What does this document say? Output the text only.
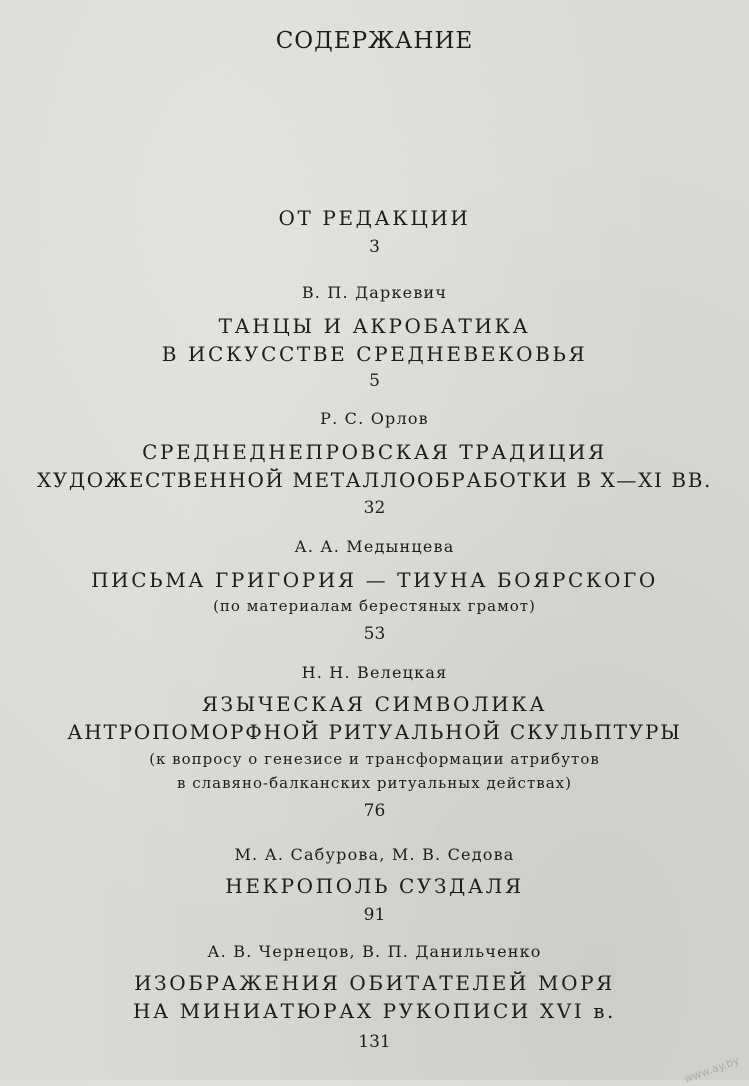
СОДЕРЖАНИЕ
ОТ РЕДАКЦИИ
3
В. П. Даркевич
ТАНЦЫ И АКРОБАТИКА
В ИСКУССТВЕ СРЕДНЕВЕКОВЬЯ
5
Р. С. Орлов
СРЕДНЕДНЕПРОВСКАЯ ТРАДИЦИЯ
ХУДОЖЕСТВЕННОЙ МЕТАЛЛООБРАБОТКИ В X—XI ВВ.
32
А. А. Медынцева
ПИСЬМА ГРИГОРИЯ — ТИУНА БОЯРСКОГО
(по материалам берестяных грамот)
53
Н. Н. Велецкая
ЯЗЫЧЕСКАЯ СИМВОЛИКА
АНТРОПОМОРФНОЙ РИТУАЛЬНОЙ СКУЛЬПТУРЫ
(к вопросу о генезисе и трансформации атрибутов
в славяно-балканских ритуальных действах)
76
М. А. Сабурова, М. В. Седова
НЕКРОПОЛЬ СУЗДАЛЯ
91
А. В. Чернецов, В. П. Данильченко
ИЗОБРАЖЕНИЯ ОБИТАТЕЛЕЙ МОРЯ
НА МИНИАТЮРАХ РУКОПИСИ XVI в.
131
www.ay.by
